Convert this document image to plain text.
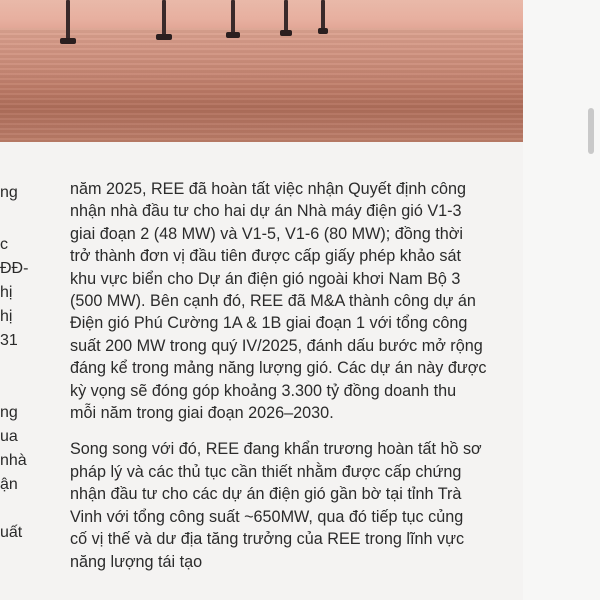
ng
c
ĐĐ-
hị
hị
31
ng
ua
nhà
ận
uất

năm 2025, REE đã hoàn tất việc nhận Quyết định công

nhận nhà đầu tư cho hai dự án Nhà máy điện gió V1-3

giai đoạn 2 (48 MW) và V1-5, V1-6 (80 MW); đồng thời

trở thành đơn vị đầu tiên được cấp giấy phép khảo sát

khu vực biển cho Dự án điện gió ngoài khơi Nam Bộ 3

(500 MW). Bên cạnh đó, REE đã M&A thành công dự án

Điện gió Phú Cường 1A & 1B giai đoạn 1 với tổng công

suất 200 MW trong quý IV/2025, đánh dấu bước mở rộng

đáng kể trong mảng năng lượng gió. Các dự án này được

kỳ vọng sẽ đóng góp khoảng 3.300 tỷ đồng doanh thu

mỗi năm trong giai đoạn 2026–2030.

Song song với đó, REE đang khẩn trương hoàn tất hồ sơ

pháp lý và các thủ tục cần thiết nhằm được cấp chứng

nhận đầu tư cho các dự án điện gió gần bờ tại tỉnh Trà

Vinh với tổng công suất ~650MW, qua đó tiếp tục củng

cố vị thế và dư địa tăng trưởng của REE trong lĩnh vực

năng lượng tái tạo
